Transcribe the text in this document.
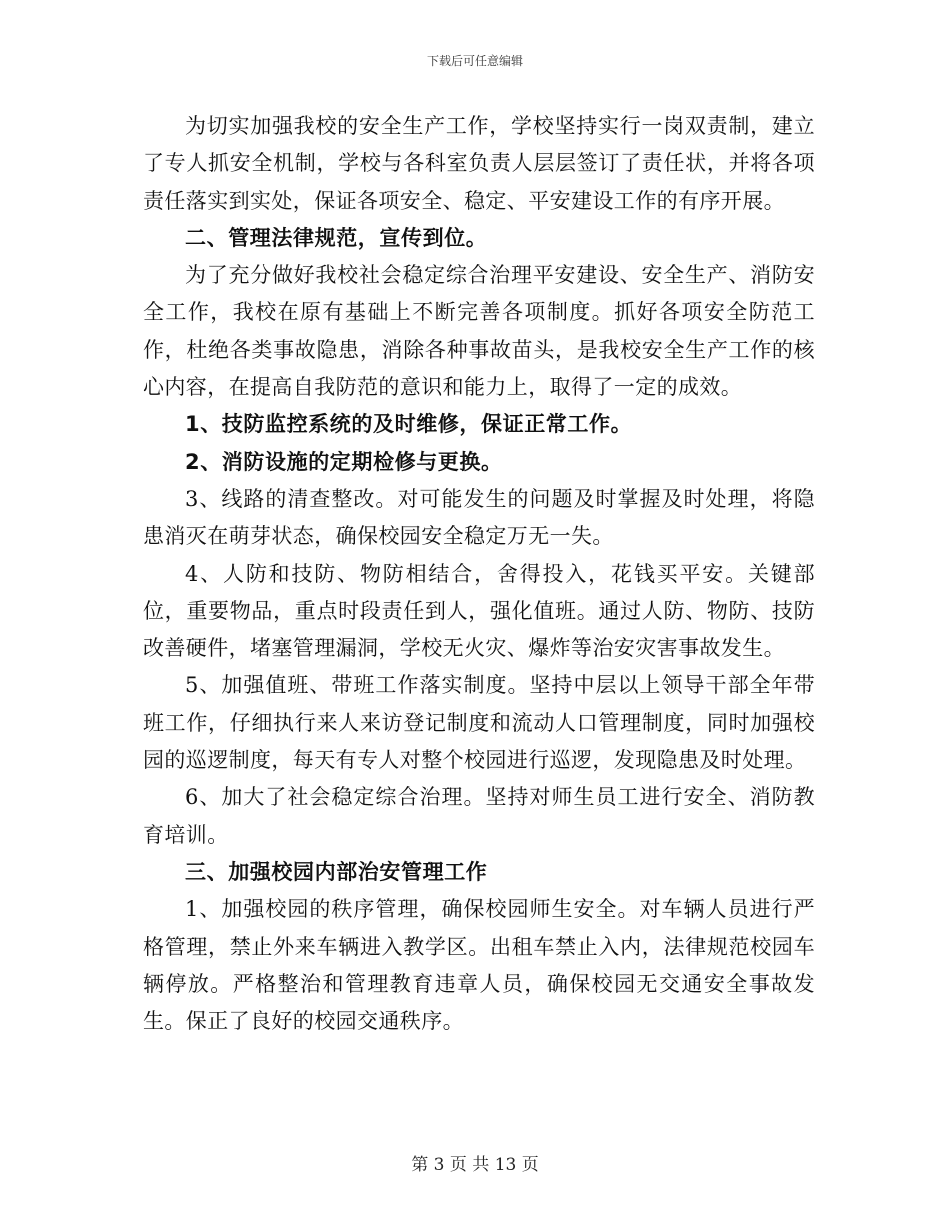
下载后可任意编辑

为切实加强我校的安全生产工作，学校坚持实行一岗双责制，建立了专人抓安全机制，学校与各科室负责人层层签订了责任状，并将各项责任落实到实处，保证各项安全、稳定、平安建设工作的有序开展。

二、管理法律规范，宣传到位。

为了充分做好我校社会稳定综合治理平安建设、安全生产、消防安全工作，我校在原有基础上不断完善各项制度。抓好各项安全防范工作，杜绝各类事故隐患，消除各种事故苗头，是我校安全生产工作的核心内容，在提高自我防范的意识和能力上，取得了一定的成效。

1、技防监控系统的及时维修，保证正常工作。

2、消防设施的定期检修与更换。

3、线路的清查整改。对可能发生的问题及时掌握及时处理，将隐患消灭在萌芽状态，确保校园安全稳定万无一失。

4、人防和技防、物防相结合，舍得投入，花钱买平安。关键部位，重要物品，重点时段责任到人，强化值班。通过人防、物防、技防改善硬件，堵塞管理漏洞，学校无火灾、爆炸等治安灾害事故发生。

5、加强值班、带班工作落实制度。坚持中层以上领导干部全年带班工作，仔细执行来人来访登记制度和流动人口管理制度，同时加强校园的巡逻制度，每天有专人对整个校园进行巡逻，发现隐患及时处理。

6、加大了社会稳定综合治理。坚持对师生员工进行安全、消防教育培训。

三、加强校园内部治安管理工作

1、加强校园的秩序管理，确保校园师生安全。对车辆人员进行严格管理，禁止外来车辆进入教学区。出租车禁止入内，法律规范校园车辆停放。严格整治和管理教育违章人员，确保校园无交通安全事故发生。保正了良好的校园交通秩序。

第 3 页 共 13 页
